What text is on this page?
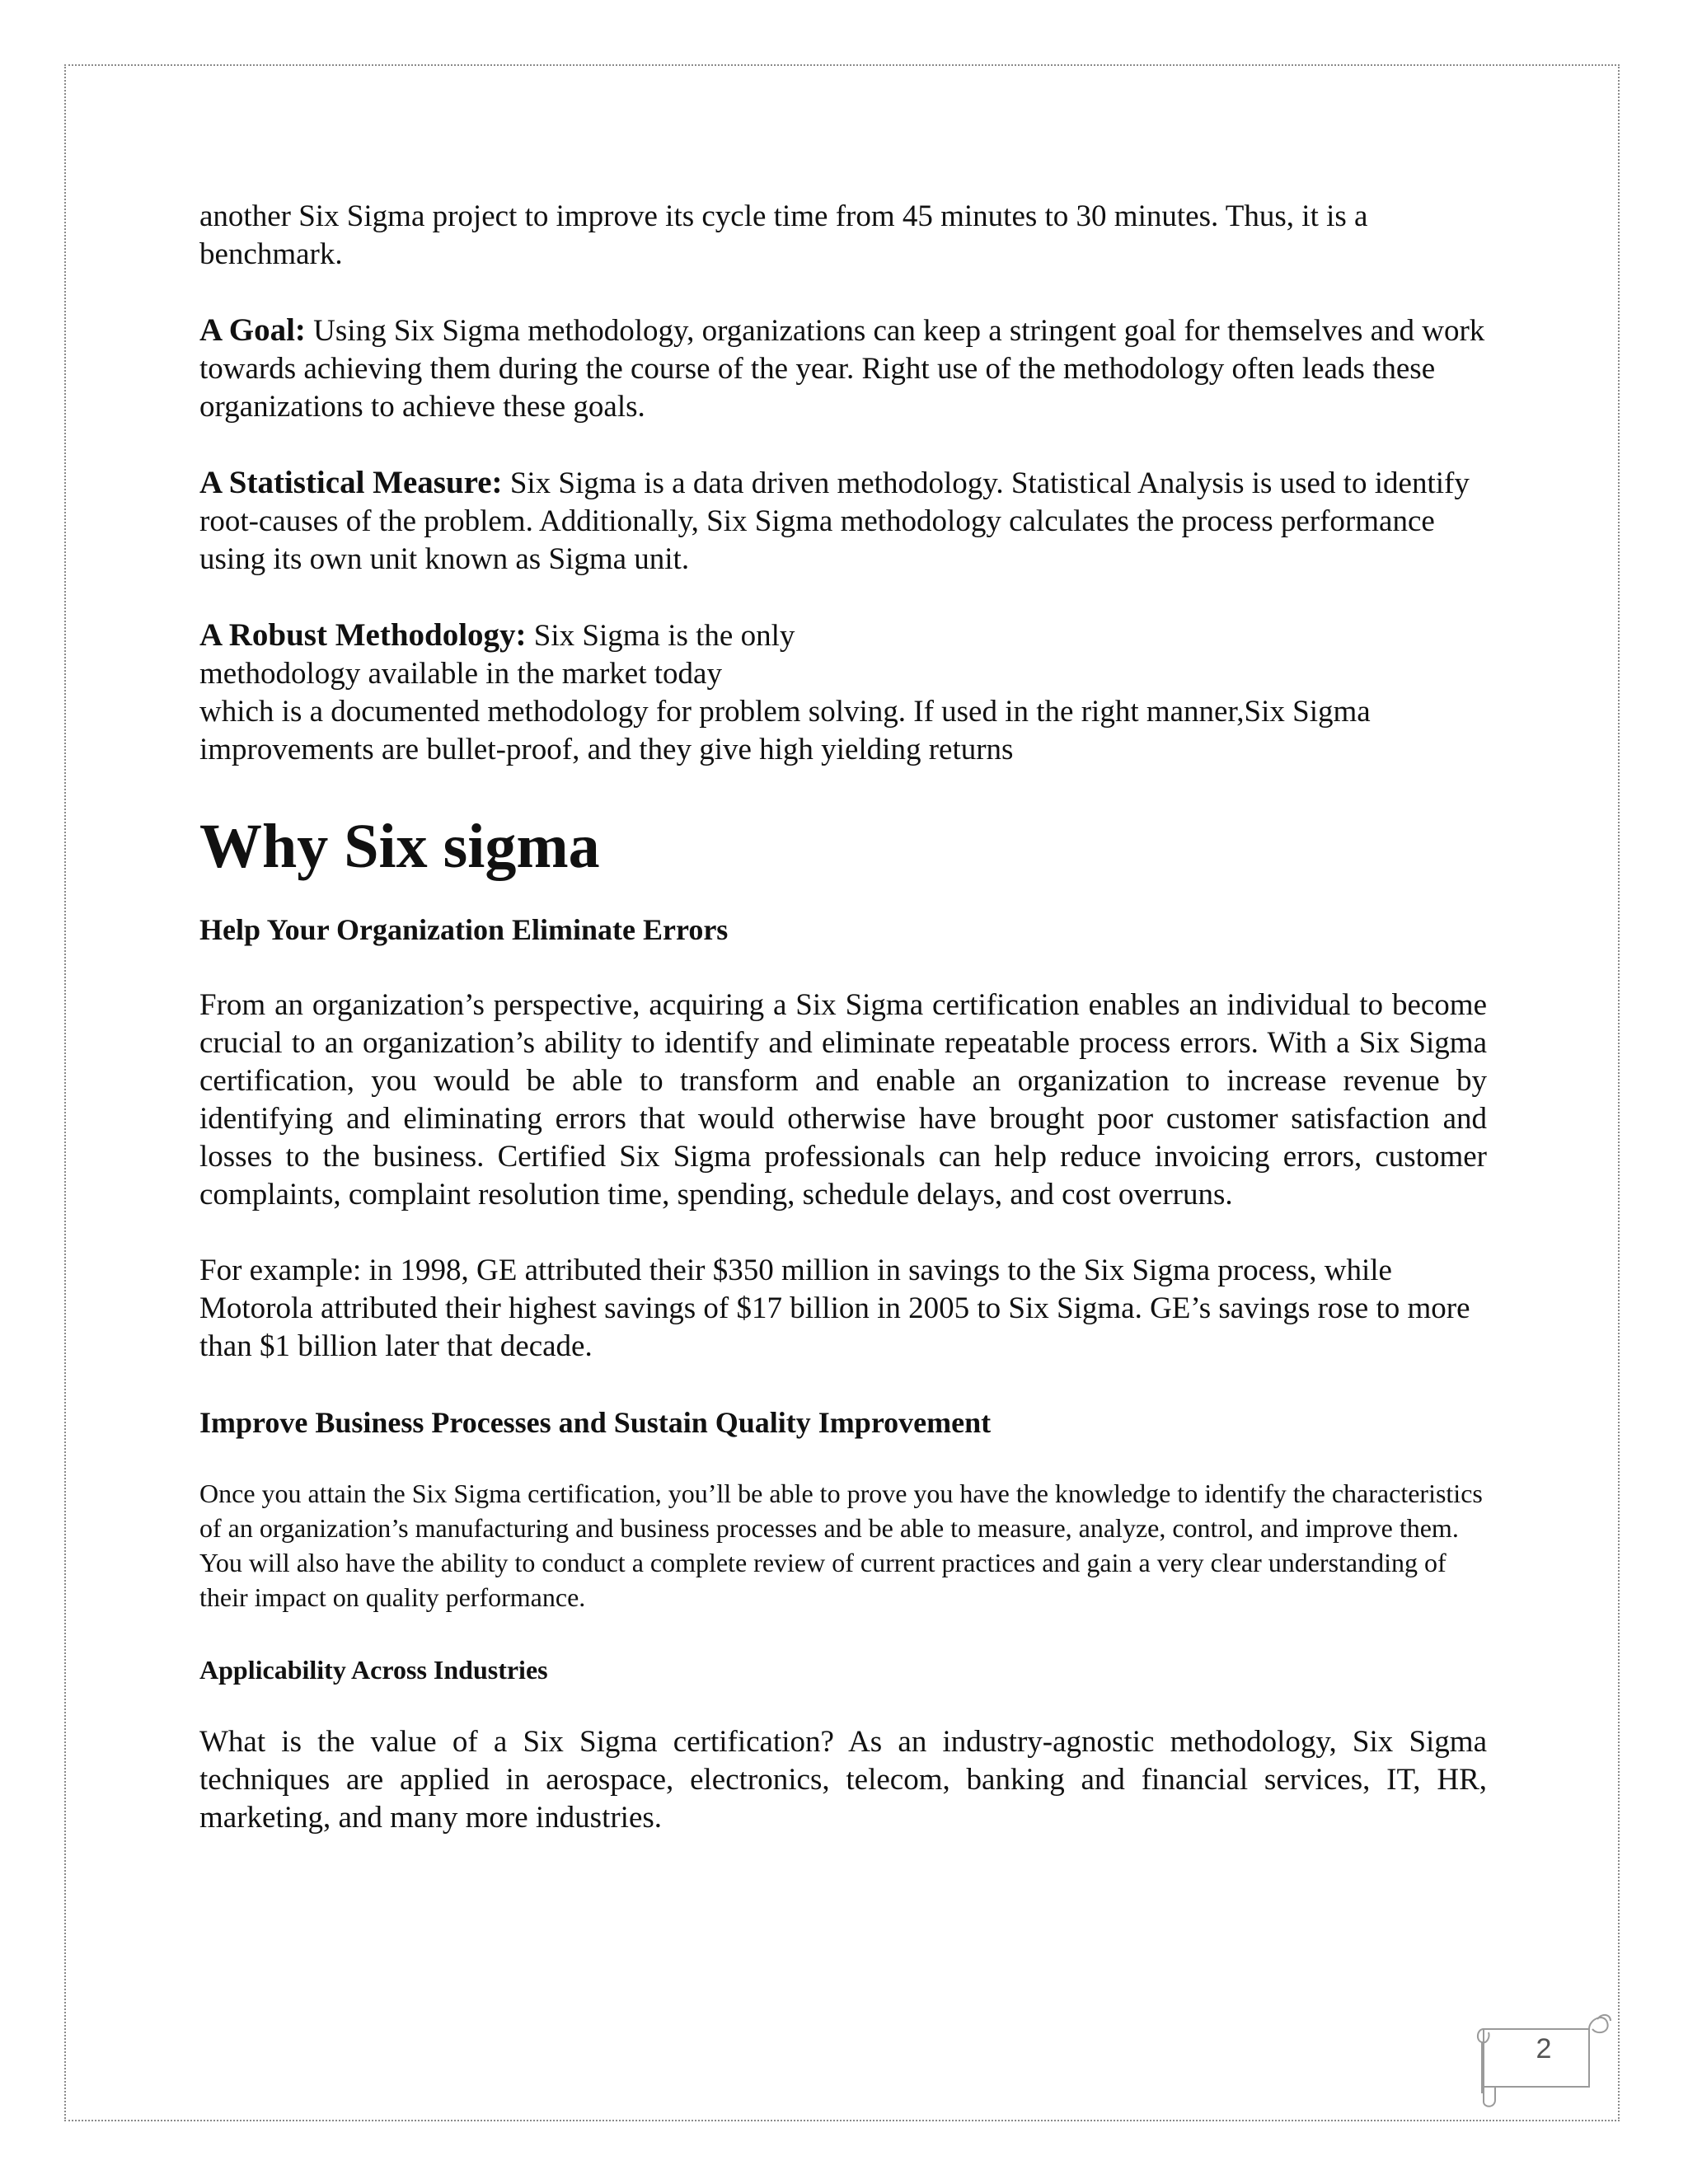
another Six Sigma project to improve its cycle time from 45 minutes to 30 minutes. Thus, it is a benchmark.

A Goal: Using Six Sigma methodology, organizations can keep a stringent goal for themselves and work towards achieving them during the course of the year. Right use of the methodology often leads these organizations to achieve these goals.

A Statistical Measure: Six Sigma is a data driven methodology. Statistical Analysis is used to identify root-causes of the problem. Additionally, Six Sigma methodology calculates the process performance using its own unit known as Sigma unit.

A Robust Methodology: Six Sigma is the only

methodology available in the market today

which is a documented methodology for problem solving. If used in the right manner,Six Sigma improvements are bullet-proof, and they give high yielding returns

Why Six sigma
Help Your Organization Eliminate Errors

From an organization’s perspective, acquiring a Six Sigma certification enables an individual to become crucial to an organization’s ability to identify and eliminate repeatable process errors. With a Six Sigma certification, you would be able to transform and enable an organization to increase revenue by identifying and eliminating errors that would otherwise have brought poor customer satisfaction and losses to the business. Certified Six Sigma professionals can help reduce invoicing errors, customer complaints, complaint resolution time, spending, schedule delays, and cost overruns.

For example: in 1998, GE attributed their $350 million in savings to the Six Sigma process, while Motorola attributed their highest savings of $17 billion in 2005 to Six Sigma. GE’s savings rose to more than $1 billion later that decade.

Improve Business Processes and Sustain Quality Improvement

Once you attain the Six Sigma certification, you’ll be able to prove you have the knowledge to identify the characteristics of an organization’s manufacturing and business processes and be able to measure, analyze, control, and improve them. You will also have the ability to conduct a complete review of current practices and gain a very clear understanding of their impact on quality performance.

Applicability Across Industries

What is the value of a Six Sigma certification? As an industry-agnostic methodology, Six Sigma techniques are applied in aerospace, electronics, telecom, banking and financial services, IT, HR, marketing, and many more industries.

2
